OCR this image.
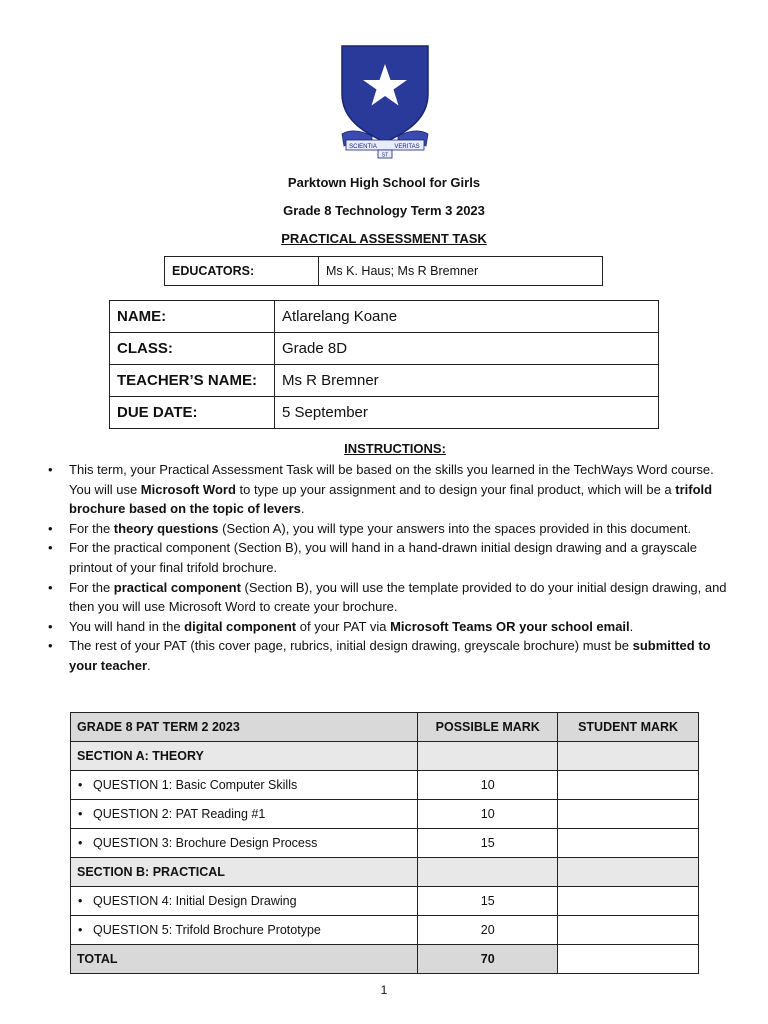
SCIENTIA	VERITAS
ST
Parktown High School for Girls
Grade 8 Technology Term 3 2023
PRACTICAL ASSESSMENT TASK
EDUCATORS:	Ms K. Haus; Ms R Bremner
NAME:	Atlarelang Koane
CLASS:	Grade 8D
TEACHER’S NAME:	Ms R Bremner
DUE DATE:	5 September
INSTRUCTIONS:
• This term, your Practical Assessment Task will be based on the skills you learned in the TechWays Word course. You will use Microsoft Word to type up your assignment and to design your final product, which will be a trifold brochure based on the topic of levers.
• For the theory questions (Section A), you will type your answers into the spaces provided in this document.
• For the practical component (Section B), you will hand in a hand-drawn initial design drawing and a grayscale printout of your final trifold brochure.
• For the practical component (Section B), you will use the template provided to do your initial design drawing, and then you will use Microsoft Word to create your brochure.
• You will hand in the digital component of your PAT via Microsoft Teams OR your school email.
• The rest of your PAT (this cover page, rubrics, initial design drawing, greyscale brochure) must be submitted to your teacher.
GRADE 8 PAT TERM 2 2023	POSSIBLE MARK	STUDENT MARK
SECTION A: THEORY		

• QUESTION 1: Basic Computer Skills	10	

• QUESTION 2: PAT Reading #1	10	

• QUESTION 3: Brochure Design Process	15	
SECTION B: PRACTICAL		

• QUESTION 4: Initial Design Drawing	15	

• QUESTION 5: Trifold Brochure Prototype	20	
TOTAL	70	
1
